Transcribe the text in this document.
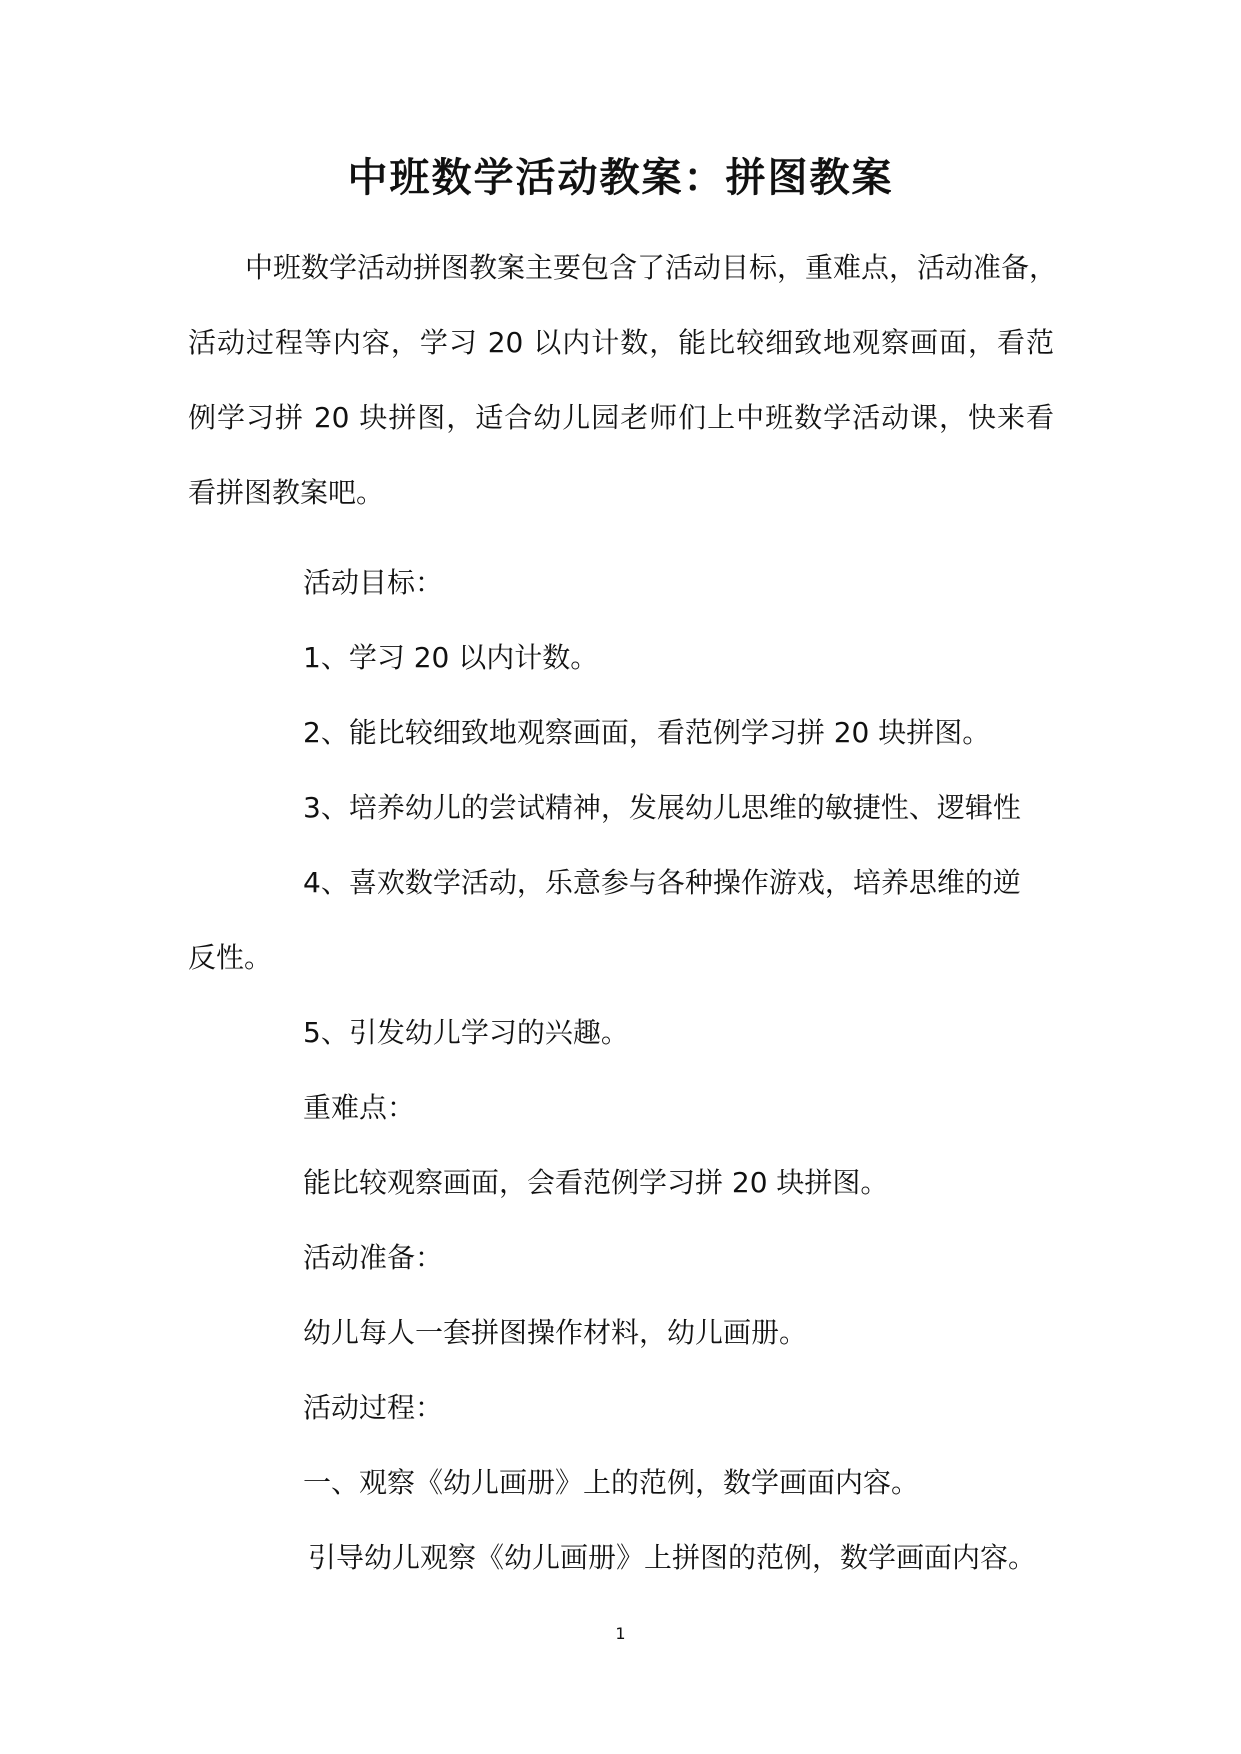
中班数学活动教案：拼图教案
中班数学活动拼图教案主要包含了活动目标，重难点，活动准备，
活动过程等内容，学习 20 以内计数，能比较细致地观察画面，看范
例学习拼 20 块拼图，适合幼儿园老师们上中班数学活动课，快来看
看拼图教案吧。
活动目标：
1、学习 20 以内计数。
2、能比较细致地观察画面，看范例学习拼 20 块拼图。
3、培养幼儿的尝试精神，发展幼儿思维的敏捷性、逻辑性
4、喜欢数学活动，乐意参与各种操作游戏，培养思维的逆
反性。
5、引发幼儿学习的兴趣。
重难点：
能比较观察画面，会看范例学习拼 20 块拼图。
活动准备：
幼儿每人一套拼图操作材料，幼儿画册。
活动过程：
一、观察《幼儿画册》上的范例，数学画面内容。
引导幼儿观察《幼儿画册》上拼图的范例，数学画面内容。
1
